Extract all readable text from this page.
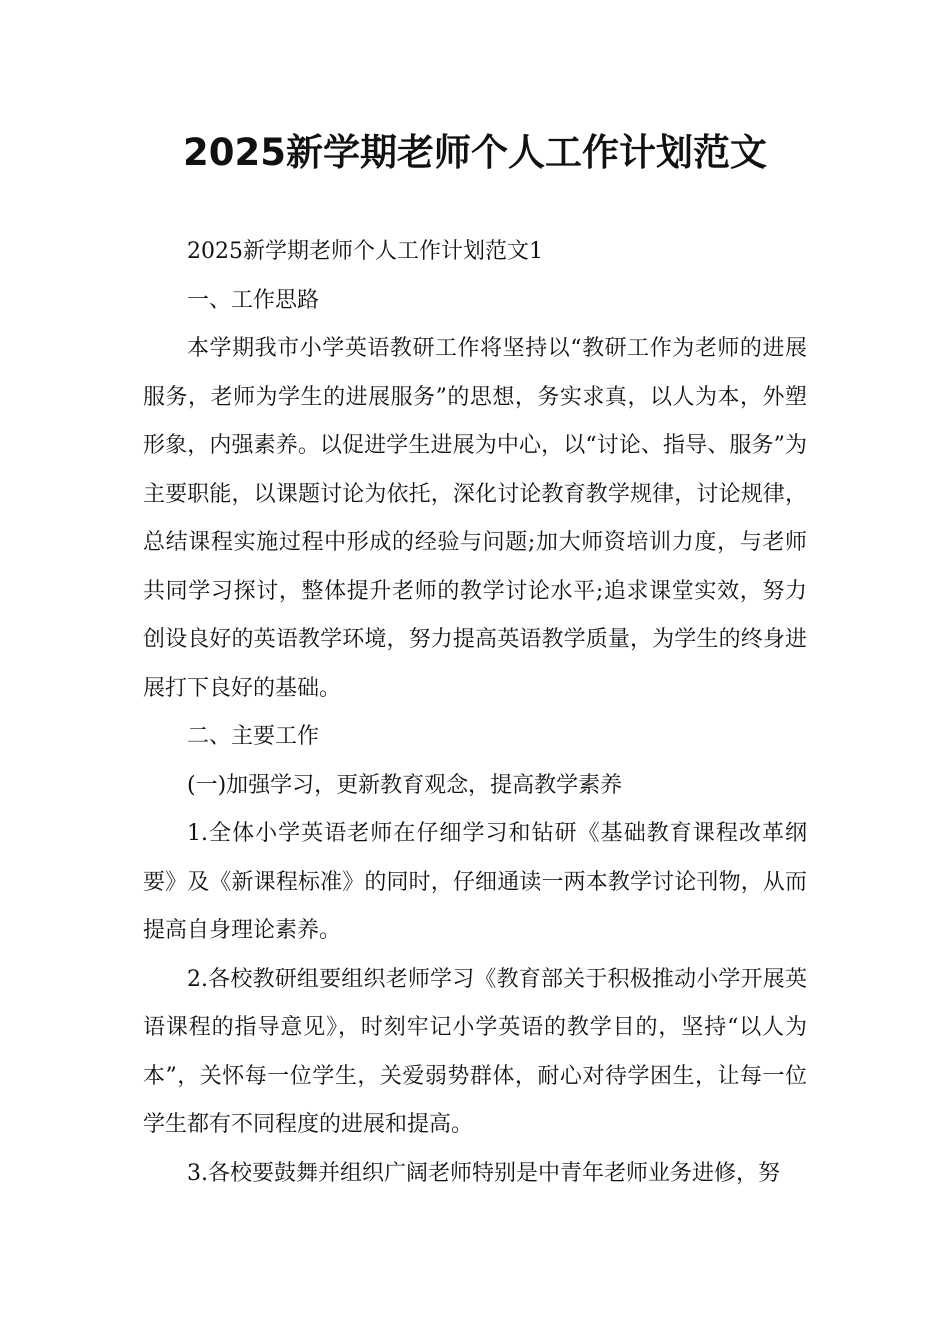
2025新学期老师个人工作计划范文

2025新学期老师个人工作计划范文1

一、工作思路

本学期我市小学英语教研工作将坚持以“教研工作为老师的进展服务，老师为学生的进展服务”的思想，务实求真，以人为本，外塑形象，内强素养。以促进学生进展为中心，以“讨论、指导、服务”为主要职能，以课题讨论为依托，深化讨论教育教学规律，讨论规律，总结课程实施过程中形成的经验与问题;加大师资培训力度，与老师共同学习探讨，整体提升老师的教学讨论水平;追求课堂实效，努力创设良好的英语教学环境，努力提高英语教学质量，为学生的终身进展打下良好的基础。

二、主要工作

(一)加强学习，更新教育观念，提高教学素养

1.全体小学英语老师在仔细学习和钻研《基础教育课程改革纲要》及《新课程标准》的同时，仔细通读一两本教学讨论刊物，从而提高自身理论素养。

2.各校教研组要组织老师学习《教育部关于积极推动小学开展英语课程的指导意见》，时刻牢记小学英语的教学目的，坚持“以人为本”，关怀每一位学生，关爱弱势群体，耐心对待学困生，让每一位学生都有不同程度的进展和提高。

3.各校要鼓舞并组织广阔老师特别是中青年老师业务进修，努
